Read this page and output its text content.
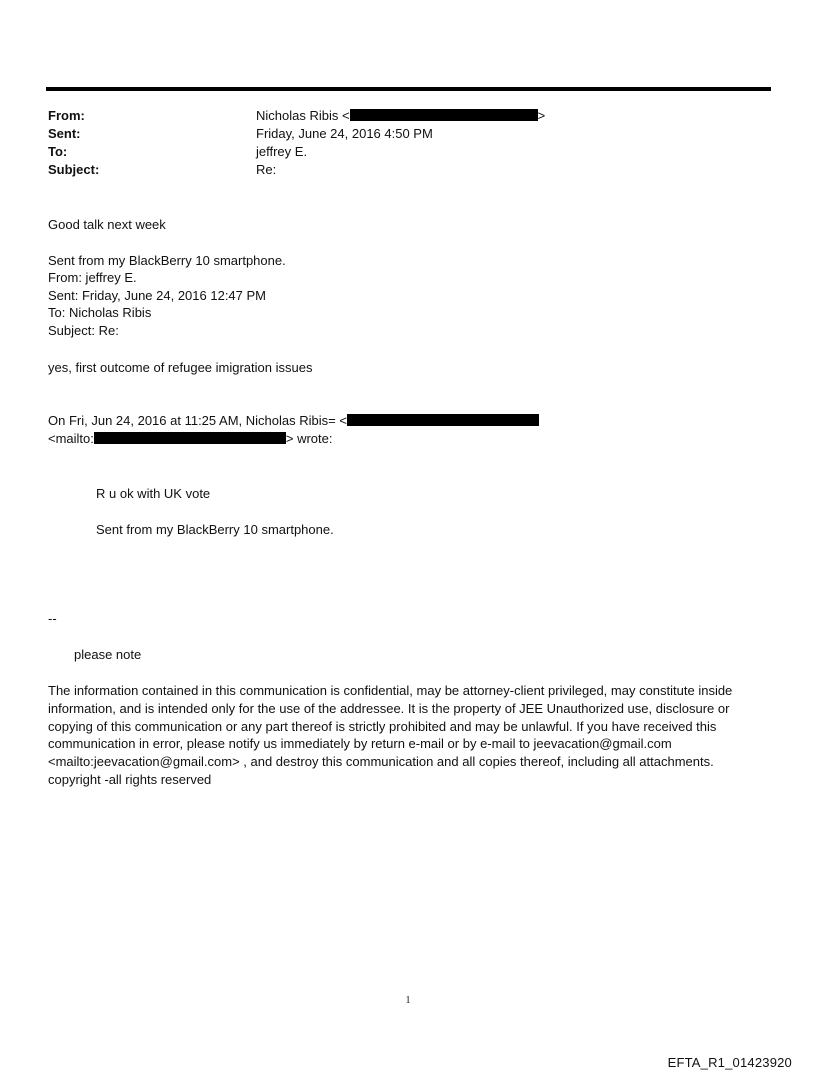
From:	Nicholas Ribis <	>
Sent:	Friday, June 24, 2016 4:50 PM
To:	jeffrey E.
Subject:	Re:
Good talk next week
Sent from my BlackBerry 10 smartphone.
From: jeffrey E.
Sent: Friday, June 24, 2016 12:47 PM
To: Nicholas Ribis
Subject: Re:
yes, first outcome of refugee imigration issues
On Fri, Jun 24, 2016 at 11:25 AM, Nicholas Ribis= <
<mailto:	> wrote:
R u ok with UK vote
Sent from my BlackBerry 10 smartphone.
--
please note
The information contained in this communication is confidential, may be attorney-client privileged, may constitute inside information, and is intended only for the use of the addressee. It is the property of JEE Unauthorized use, disclosure or copying of this communication or any part thereof is strictly prohibited and may be unlawful. If you have received this communication in error, please notify us immediately by return e-mail or by e-mail to jeevacation@gmail.com <mailto:jeevacation@gmail.com> , and destroy this communication and all copies thereof, including all attachments. copyright -all rights reserved
1
EFTA_R1_01423920
